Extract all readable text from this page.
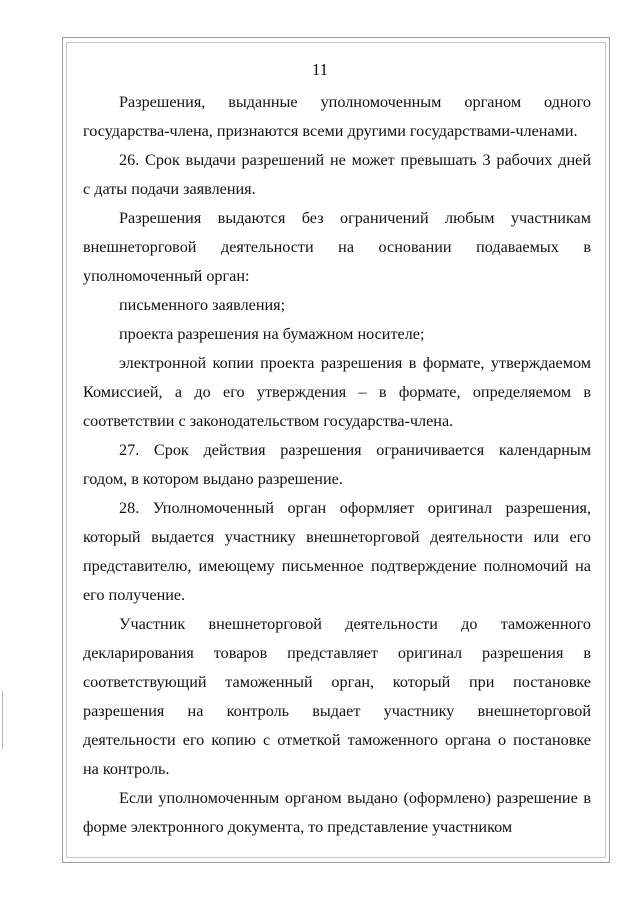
11
Разрешения, выданные уполномоченным органом одного
государства-члена, признаются всеми другими государствами-членами.
26. Срок выдачи разрешений не может превышать 3 рабочих дней
с даты подачи заявления.
Разрешения выдаются без ограничений любым участникам
внешнеторговой деятельности на основании подаваемых в
уполномоченный орган:
письменного заявления;
проекта разрешения на бумажном носителе;
электронной копии проекта разрешения в формате, утверждаемом
Комиссией, а до его утверждения – в формате, определяемом в
соответствии с законодательством государства-члена.
27. Срок действия разрешения ограничивается календарным
годом, в котором выдано разрешение.
28. Уполномоченный орган оформляет оригинал разрешения,
который выдается участнику внешнеторговой деятельности или его
представителю, имеющему письменное подтверждение полномочий на
его получение.
Участник внешнеторговой деятельности до таможенного
декларирования товаров представляет оригинал разрешения в
соответствующий таможенный орган, который при постановке
разрешения на контроль выдает участнику внешнеторговой
деятельности его копию с отметкой таможенного органа о постановке
на контроль.
Если уполномоченным органом выдано (оформлено) разрешение в
форме электронного документа, то представление участником
